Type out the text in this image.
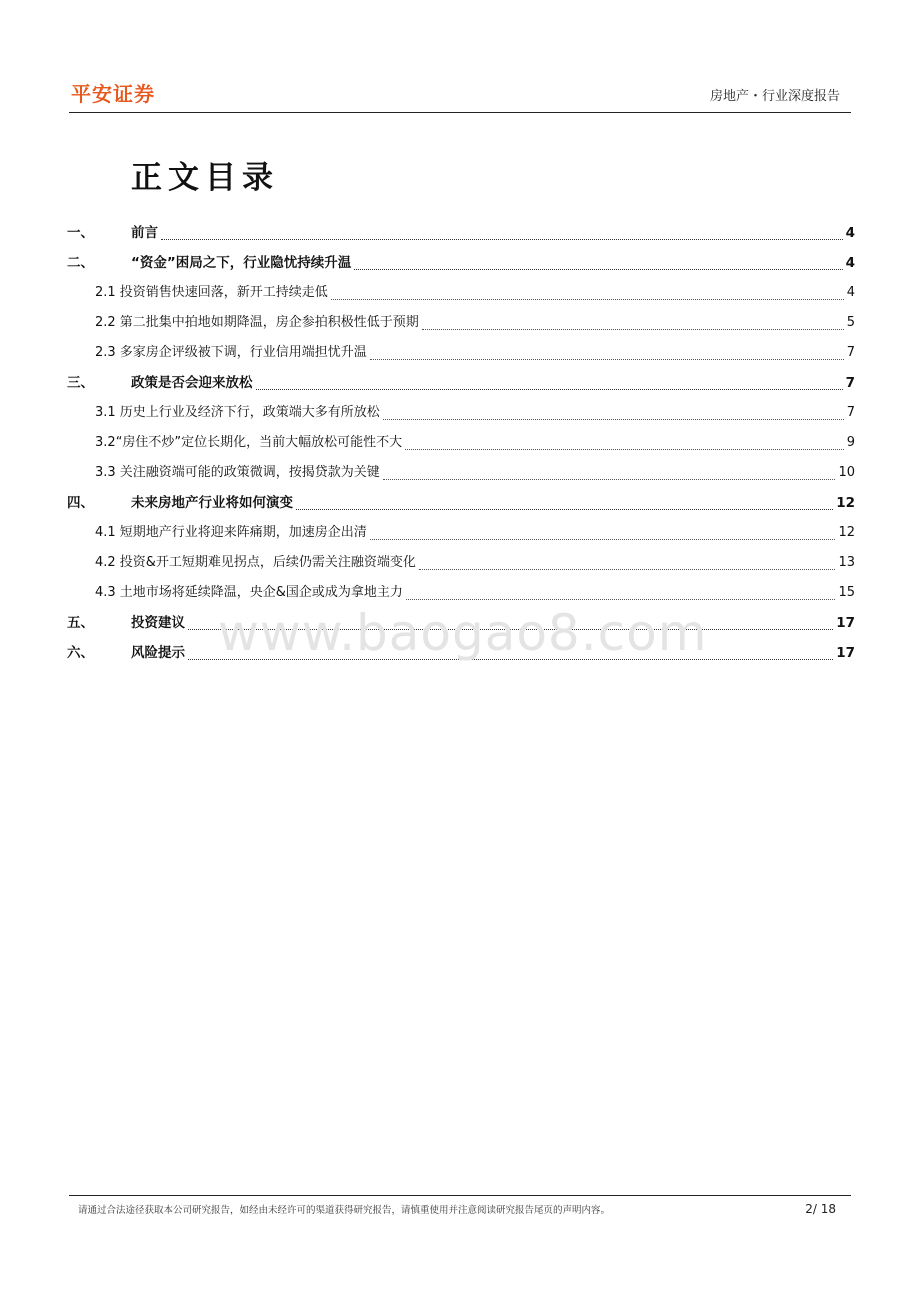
平安证券	房地产・行业深度报告
正文目录
一、	前言	4
二、	“资金”困局之下，行业隐忧持续升温	4
2.1 投资销售快速回落，新开工持续走低	4
2.2 第二批集中拍地如期降温，房企参拍积极性低于预期	5
2.3 多家房企评级被下调，行业信用端担忧升温	7
三、	政策是否会迎来放松	7
3.1 历史上行业及经济下行，政策端大多有所放松	7
3.2 “房住不炒”定位长期化，当前大幅放松可能性不大	9
3.3 关注融资端可能的政策微调，按揭贷款为关键	10
四、	未来房地产行业将如何演变	12
4.1 短期地产行业将迎来阵痛期，加速房企出清	12
4.2 投资&开工短期难见拐点，后续仍需关注融资端变化	13
4.3 土地市场将延续降温，央企&国企或成为拿地主力	15
五、	投资建议	17
六、	风险提示	17
www.baogao8.com
请通过合法途径获取本公司研究报告，如经由未经许可的渠道获得研究报告，请慎重使用并注意阅读研究报告尾页的声明内容。	2/ 18
